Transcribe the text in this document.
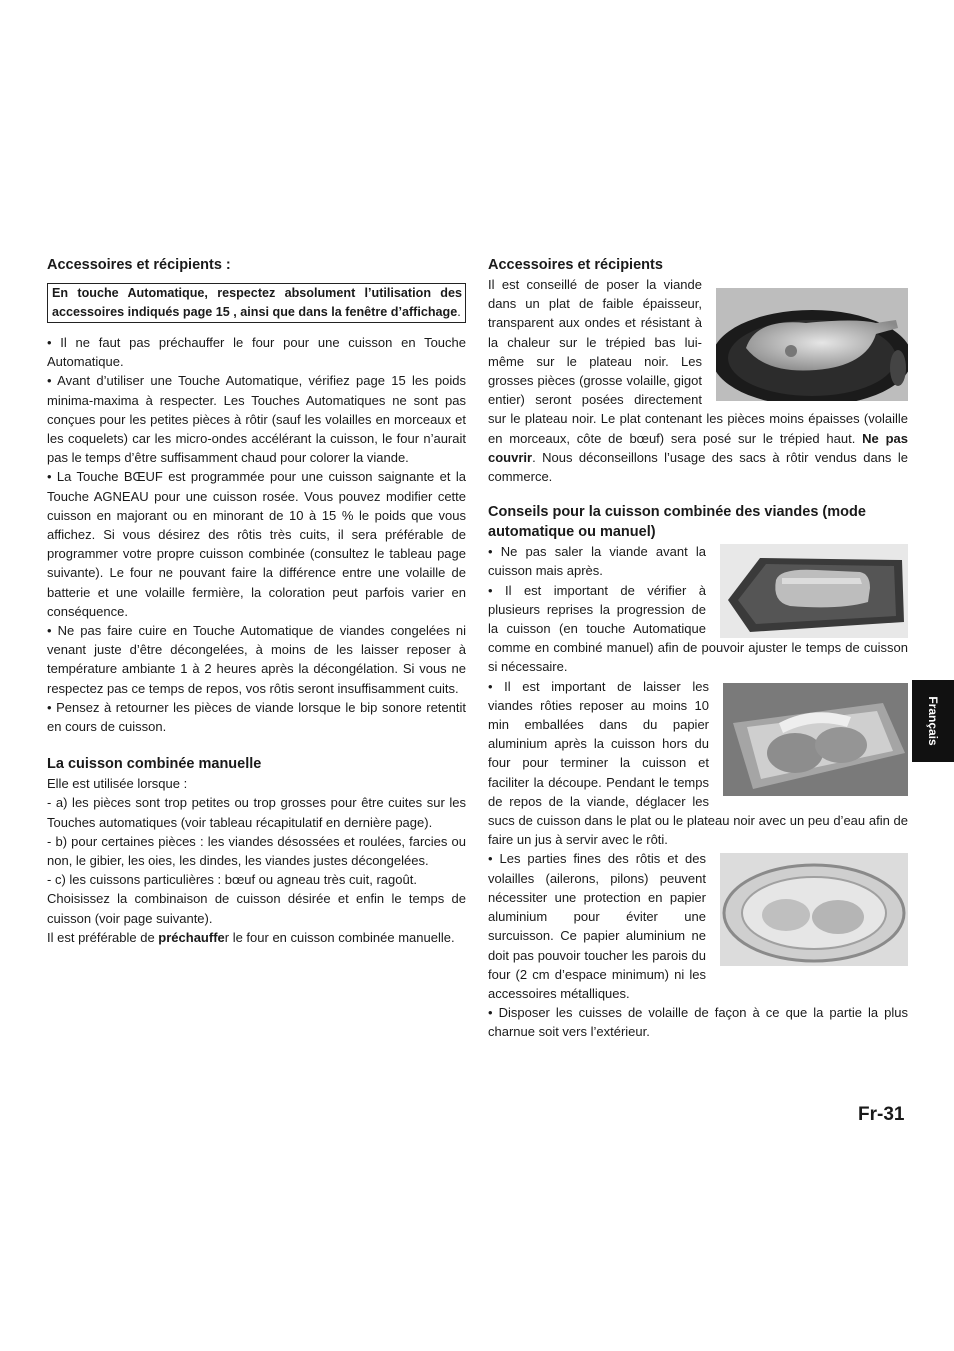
Accessoires et récipients :
En touche Automatique, respectez absolument l’utilisation des accessoires indiqués page 15 , ainsi que dans la fenêtre d’affichage.

• Il ne faut pas préchauffer le four pour une cuisson en Touche Automatique.

• Avant d’utiliser une Touche Automatique, vérifiez page 15 les poids minima-maxima à respecter. Les Touches Automatiques ne sont pas conçues pour les petites pièces à rôtir (sauf les volailles en morceaux et les coquelets) car les micro-ondes accélérant la cuisson, le four n’aurait pas le temps d’être suffisamment chaud pour colorer la viande.

• La Touche BŒUF est programmée pour une cuisson saignante et la Touche AGNEAU pour une cuisson rosée. Vous pouvez modifier cette cuisson en majorant ou en minorant de 10 à 15 % le poids que vous affichez. Si vous désirez des rôtis très cuits, il sera préférable de programmer votre propre cuisson combinée (consultez le tableau page suivante). Le four ne pouvant faire la différence entre une volaille de batterie et une volaille fermière, la coloration peut parfois varier en conséquence.

• Ne pas faire cuire en Touche Automatique de viandes congelées ni venant juste d’être décongelées, à moins de les laisser reposer à température ambiante 1 à 2 heures après la décongélation. Si vous ne respectez pas ce temps de repos, vos rôtis seront insuffisamment cuits.

• Pensez à retourner les pièces de viande lorsque le bip sonore retentit en cours de cuisson.

La cuisson combinée manuelle

Elle est utilisée lorsque :

- a) les pièces sont trop petites ou trop grosses pour être cuites sur les Touches automatiques (voir tableau récapitulatif en dernière page).

- b) pour certaines pièces : les viandes désossées et roulées, farcies ou non, le gibier, les oies, les dindes, les viandes justes décongelées.

- c) les cuissons particulières : bœuf ou agneau très cuit, ragoût.

Choisissez la combinaison de cuisson désirée et enfin le temps de cuisson (voir page suivante).

Il est préférable de préchauffer le four en cuisson combinée manuelle.

Accessoires et récipients

Il est conseillé de poser la viande dans un plat de faible épaisseur, transparent aux ondes et résistant à la chaleur sur le trépied bas lui-même sur le plateau noir. Les grosses pièces (grosse volaille, gigot entier) seront posées directement sur le plateau noir. Le plat contenant les pièces moins épaisses (volaille en morceaux, côte de bœuf) sera posé sur le trépied haut. Ne pas couvrir. Nous déconseillons l’usage des sacs à rôtir vendus dans le commerce.

Conseils pour la cuisson combinée des viandes (mode automatique ou manuel)

• Ne pas saler la viande avant la cuisson mais après.

• Il est important de vérifier à plusieurs reprises la progression de la cuisson (en touche Automatique comme en combiné manuel) afin de pouvoir ajuster le temps de cuisson si nécessaire.

• Il est important de laisser les viandes rôties reposer au moins 10 min emballées dans du papier aluminium après la cuisson hors du four pour terminer la cuisson et faciliter la découpe. Pendant le temps de repos de la viande, déglacer les sucs de cuisson dans le plat ou le plateau noir avec un peu d’eau afin de faire un jus à servir avec le rôti.

• Les parties fines des rôtis et des volailles (ailerons, pilons) peuvent nécessiter une protection en papier aluminium pour éviter une surcuisson. Ce papier aluminium ne doit pas pouvoir toucher les parois du four (2 cm d’espace minimum) ni les accessoires métalliques.

• Disposer les cuisses de volaille de façon à ce que la partie la plus charnue soit vers l’extérieur.

Français
Fr-31
